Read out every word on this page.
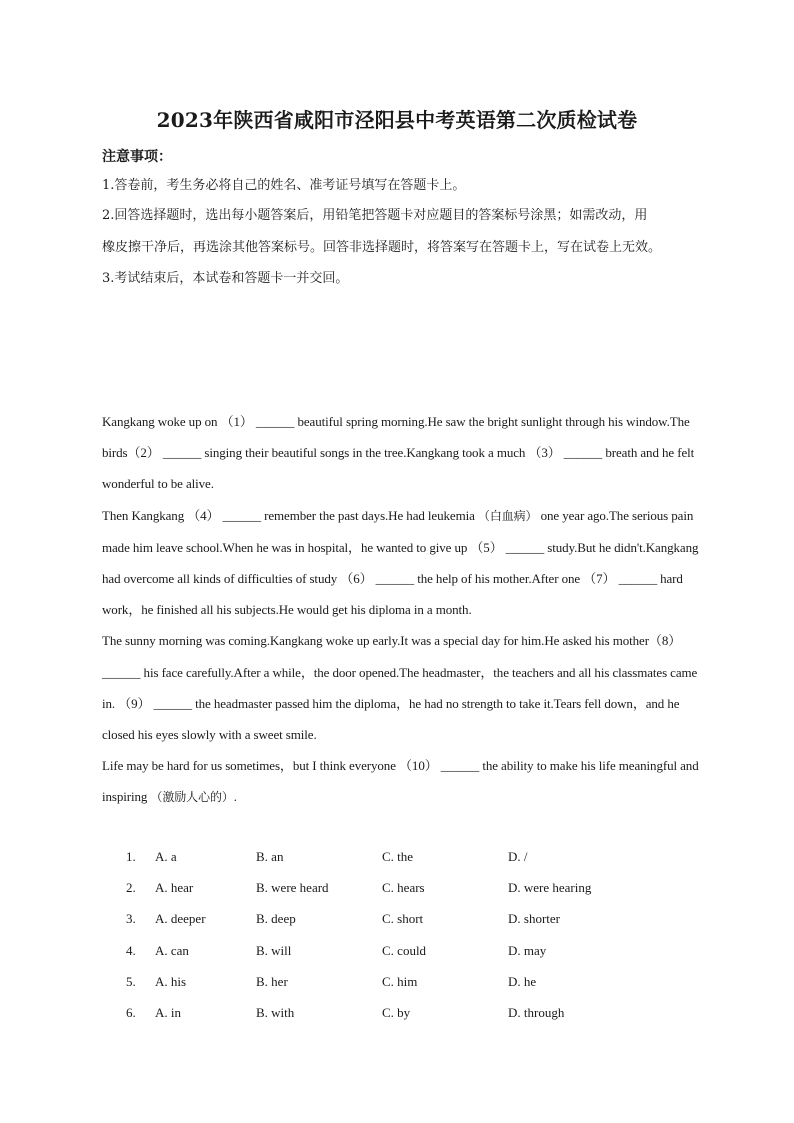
2023年陕西省咸阳市泾阳县中考英语第二次质检试卷
注意事项：
1.答卷前，考生务必将自己的姓名、准考证号填写在答题卡上。
2.回答选择题时，选出每小题答案后，用铅笔把答题卡对应题目的答案标号涂黑；如需改动，用
橡皮擦干净后，再选涂其他答案标号。回答非选择题时，将答案写在答题卡上，写在试卷上无效。
3.考试结束后，本试卷和答题卡一并交回。

Kangkang woke up on （1） ______ beautiful spring morning.He saw the bright sunlight through his window.The birds（2） ______ singing their beautiful songs in the tree.Kangkang took a much （3） ______ breath and he felt wonderful to be alive.

Then Kangkang （4） ______ remember the past days.He had leukemia （白血病） one year ago.The serious pain made him leave school.When he was in hospital，he wanted to give up （5） ______ study.But he didn't.Kangkang had overcome all kinds of difficulties of study （6） ______ the help of his mother.After one （7） ______ hard work，he finished all his subjects.He would get his diploma in a month.

The sunny morning was coming.Kangkang woke up early.It was a special day for him.He asked his mother（8） ______ his face carefully.After a while，the door opened.The headmaster，the teachers and all his classmates came in. （9） ______ the headmaster passed him the diploma，he had no strength to take it.Tears fell down，and he closed his eyes slowly with a sweet smile.

Life may be hard for us sometimes，but I think everyone （10） ______ the ability to make his life meaningful and inspiring （激励人心的）.

1. A. a	B. an	C. the	D. /
2. A. hear	B. were heard	C. hears	D. were hearing
3. A. deeper	B. deep	C. short	D. shorter
4. A. can	B. will	C. could	D. may
5. A. his	B. her	C. him	D. he
6. A. in	B. with	C. by	D. through
